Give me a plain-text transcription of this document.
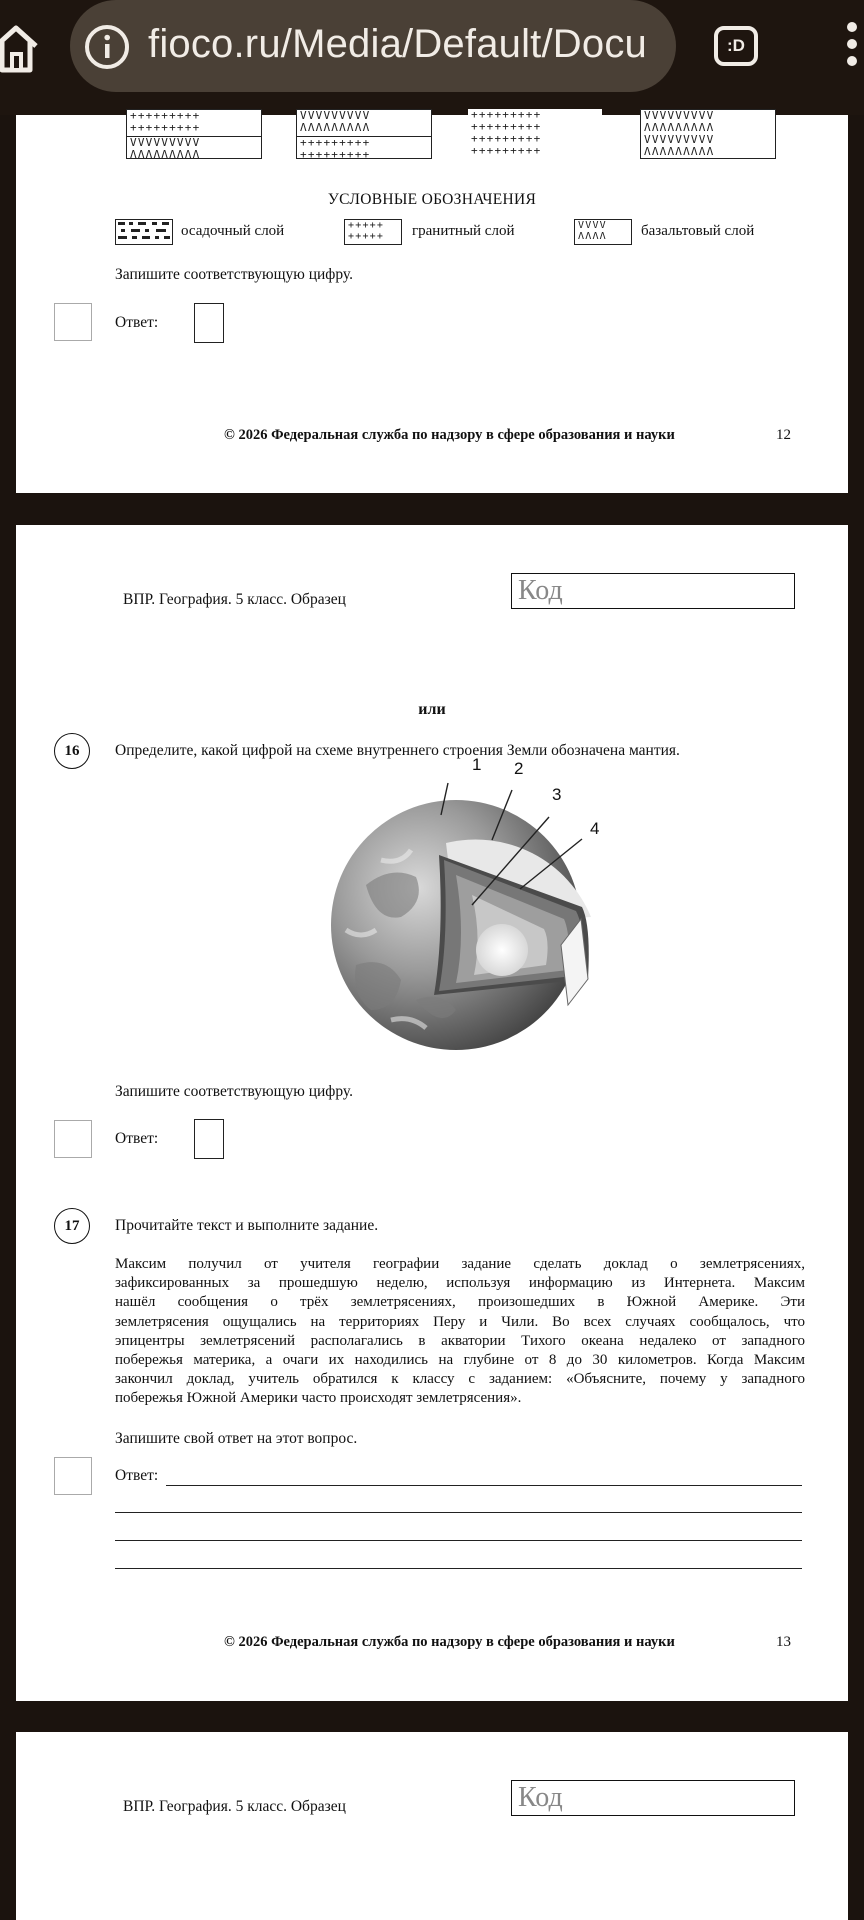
fioco.ru/Media/Default/Docu	:D
+++++++++
+++++++++
VVVVVVVVV
ΛΛΛΛΛΛΛΛΛ
VVVVVVVVV
ΛΛΛΛΛΛΛΛΛ
+++++++++
+++++++++
+++++++++
+++++++++
+++++++++
+++++++++
VVVVVVVVV
ΛΛΛΛΛΛΛΛΛ
VVVVVVVVV
ΛΛΛΛΛΛΛΛΛ
УСЛОВНЫЕ ОБОЗНАЧЕНИЯ
осадочный слой	+++++
+++++	гранитный слой	VVVV
ΛΛΛΛ	базальтовый слой
Запишите соответствующую цифру.
Ответ:
© 2026 Федеральная служба по надзору в сфере образования и науки	12
ВПР. География. 5 класс. Образец	Код
или
16	Определите, какой цифрой на схеме внутреннего строения Земли обозначена мантия.
1 2
3
4
Запишите соответствующую цифру.
Ответ:
17	Прочитайте текст и выполните задание.

Максим получил от учителя географии задание сделать доклад о землетрясениях,

зафиксированных за прошедшую неделю, используя информацию из Интернета. Максим

нашёл сообщения о трёх землетрясениях, произошедших в Южной Америке. Эти

землетрясения ощущались на территориях Перу и Чили. Во всех случаях сообщалось, что

эпицентры землетрясений располагались в акватории Тихого океана недалеко от западного

побережья материка, а очаги их находились на глубине от 8 до 30 километров. Когда Максим

закончил доклад, учитель обратился к классу с заданием: «Объясните, почему у западного

побережья Южной Америки часто происходят землетрясения».

Запишите свой ответ на этот вопрос.
Ответ:
© 2026 Федеральная служба по надзору в сфере образования и науки	13
ВПР. География. 5 класс. Образец	Код
